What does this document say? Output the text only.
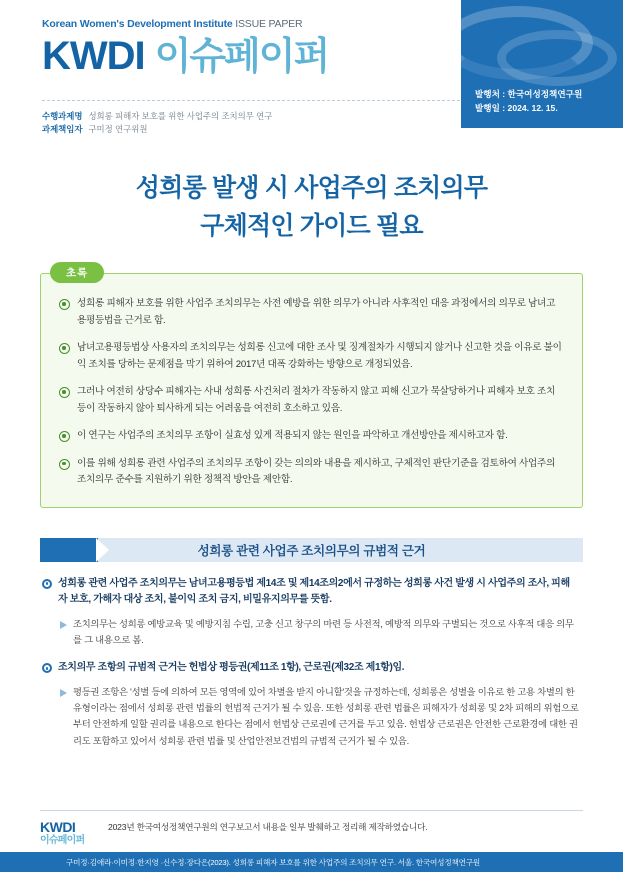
Korean Women's Development Institute ISSUE PAPER
KWDI 이슈페이퍼
수행과제명 성희롱 피해자 보호를 위한 사업주의 조치의무 연구
과제책임자 구미정 연구위원
발행처 : 한국여성정책연구원
발행일 : 2024. 12. 15.
성희롱 발생 시 사업주의 조치의무
구체적인 가이드 필요
초록
성희롱 피해자 보호를 위한 사업주 조치의무는 사전 예방을 위한 의무가 아니라 사후적인 대응 과정에서의 의무로 남녀고용평등법을 근거로 함.
남녀고용평등법상 사용자의 조치의무는 성희롱 신고에 대한 조사 및 징계절차가 시행되지 않거나 신고한 것을 이유로 불이익 조치를 당하는 문제점을 막기 위하여 2017년 대폭 강화하는 방향으로 개정되었음.
그러나 여전히 상당수 피해자는 사내 성희롱 사건처리 절차가 작동하지 않고 피해 신고가 묵살당하거나 피해자 보호 조치 등이 작동하지 않아 퇴사하게 되는 어려움을 여전히 호소하고 있음.
이 연구는 사업주의 조치의무 조항이 실효성 있게 적용되지 않는 원인을 파악하고 개선방안을 제시하고자 함.
이를 위해 성희롱 관련 사업주의 조치의무 조항이 갖는 의의와 내용을 제시하고, 구체적인 판단기준을 검토하여 사업주의 조치의무 준수를 지원하기 위한 정책적 방안을 제안함.
성희롱 관련 사업주 조치의무의 규범적 근거
성희롱 관련 사업주 조치의무는 남녀고용평등법 제14조 및 제14조의2에서 규정하는 성희롱 사건 발생 시 사업주의 조사, 피해자 보호, 가해자 대상 조치, 불이익 조치 금지, 비밀유지의무를 뜻함.
조치의무는 성희롱 예방교육 및 예방지침 수립, 고충 신고 창구의 마련 등 사전적, 예방적 의무와 구별되는 것으로 사후적 대응 의무를 그 내용으로 봄.
조치의무 조항의 규범적 근거는 헌법상 평등권(제11조 1항), 근로권(제32조 제1항)임.
평등권 조항은 '성별 등에 의하여 모든 영역에 있어 차별을 받지 아니할'것을 규정하는데, 성희롱은 성별을 이유로 한 고용 차별의 한 유형이라는 점에서 성희롱 관련 법률의 헌법적 근거가 될 수 있음. 또한 성희롱 관련 법률은 피해자가 성희롱 및 2차 피해의 위험으로부터 안전하게 일할 권리를 내용으로 한다는 점에서 헌법상 근로권에 근거를 두고 있음. 헌법상 근로권은 안전한 근로환경에 대한 권리도 포함하고 있어서 성희롱 관련 법률 및 산업안전보건법의 규범적 근거가 될 수 있음.
KWDI
이슈페이퍼
2023년 한국여성정책연구원의 연구보고서 내용을 일부 발췌하고 정리해 제작하였습니다.
구미정·김애라·이미정·한지영 ·신수정·장다은(2023). 성희롱 피해자 보호를 위한 사업주의 조치의무 연구. 서울. 한국여성정책연구원
